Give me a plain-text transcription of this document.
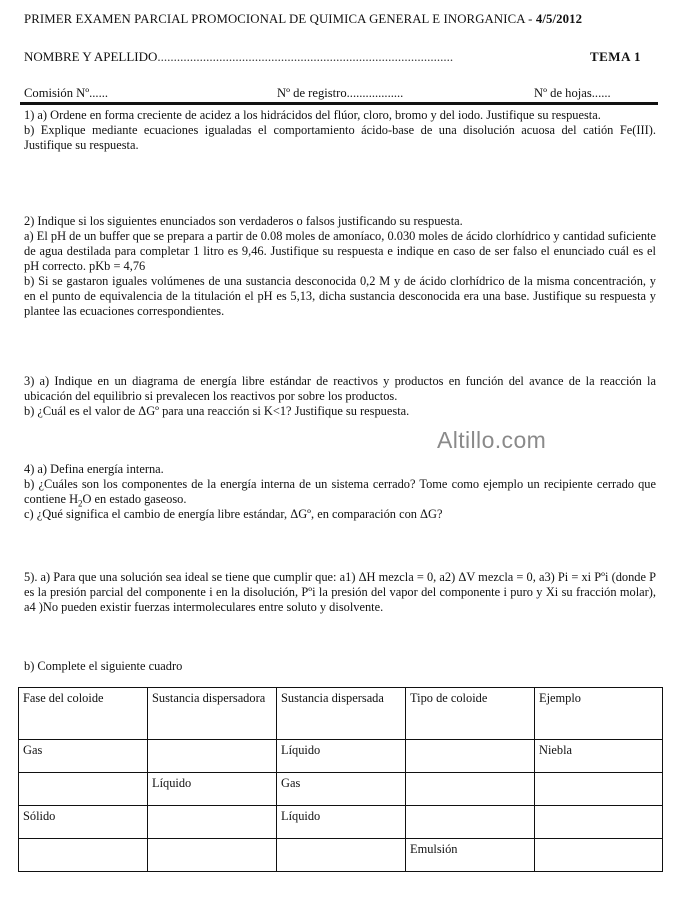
PRIMER EXAMEN PARCIAL PROMOCIONAL DE QUIMICA GENERAL E INORGANICA - 4/5/2012
NOMBRE Y APELLIDO...........................................................................................	TEMA 1
Comisión Nº......	Nº de registro..................	Nº de hojas......

1) a) Ordene en forma creciente de acidez a los hidrácidos del flúor, cloro, bromo y del iodo. Justifique su respuesta.

b) Explique mediante ecuaciones igualadas el comportamiento ácido-base de una disolución acuosa del catión Fe(III). Justifique su respuesta.

2) Indique si los siguientes enunciados son verdaderos o falsos justificando su respuesta.

a) El pH de un buffer que se prepara a partir de 0.08 moles de amoníaco, 0.030 moles de ácido clorhídrico y cantidad suficiente de agua destilada para completar 1 litro es 9,46. Justifique su respuesta e indique en caso de ser falso el enunciado cuál es el pH correcto. pKb = 4,76

b) Si se gastaron iguales volúmenes de una sustancia desconocida 0,2 M y de ácido clorhídrico de la misma concentración, y en el punto de equivalencia de la titulación el pH es 5,13, dicha sustancia desconocida era una base. Justifique su respuesta y plantee las ecuaciones correspondientes.

3) a) Indique en un diagrama de energía libre estándar de reactivos y productos en función del avance de la reacción la ubicación del equilibrio si prevalecen los reactivos por sobre los productos.

b) ¿Cuál es el valor de ΔGº para una reacción si K<1? Justifique su respuesta.

Altillo.com

4) a) Defina energía interna.

b) ¿Cuáles son los componentes de la energía interna de un sistema cerrado? Tome como ejemplo un recipiente cerrado que contiene $H_2O$ en estado gaseoso.

c) ¿Qué significa el cambio de energía libre estándar, ΔGº, en comparación con ΔG?

5). a) Para que una solución sea ideal se tiene que cumplir que: a1) ΔH mezcla = 0, a2) ΔV mezcla = 0, a3) Pi = xi Pºi (donde P es la presión parcial del componente i en la disolución, Pºi la presión del vapor del componente i puro y Xi su fracción molar), a4 )No pueden existir fuerzas intermoleculares entre soluto y disolvente.

b) Complete el siguiente cuadro

Fase del coloide	Sustancia dispersadora	Sustancia dispersada	Tipo de coloide	Ejemplo
Gas		Líquido		Niebla
	Líquido	Gas		
Sólido		Líquido		
			Emulsión	
